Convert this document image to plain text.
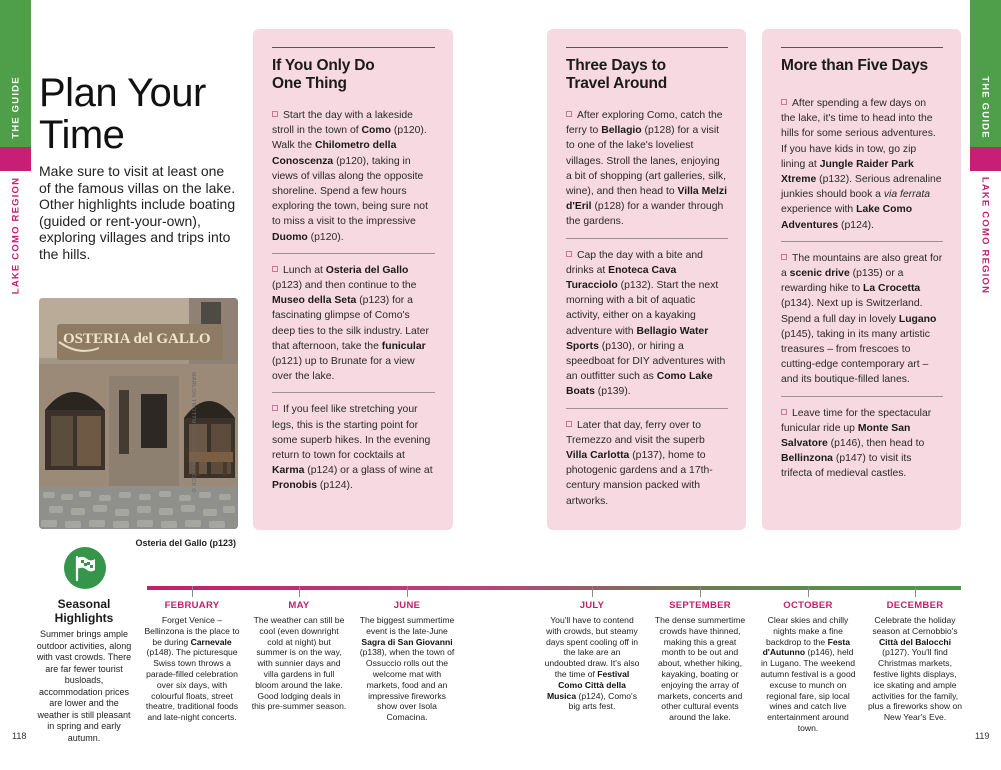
THE GUIDE
LAKE COMO REGION
THE GUIDE
LAKE COMO REGION
Plan Your
Time
Make sure to visit at least one of the famous villas on the lake. Other highlights include boating (guided or rent-your-own), exploring villages and trips into the hills.
OSTERIA del GALLO
MARLON TROTTMANN/SHUTTERSTOCK ©
Osteria del Gallo (p123)
If You Only Do
One Thing

Start the day with a lakeside stroll in the town of Como (p120). Walk the Chilometro della Conoscenza (p120), taking in views of villas along the opposite shoreline. Spend a few hours exploring the town, being sure not to miss a visit to the impressive Duomo (p120).

Lunch at Osteria del Gallo (p123) and then continue to the Museo della Seta (p123) for a fascinating glimpse of Como's deep ties to the silk industry. Later that afternoon, take the funicular (p121) up to Brunate for a view over the lake.

If you feel like stretching your legs, this is the starting point for some superb hikes. In the evening return to town for cocktails at Karma (p124) or a glass of wine at Pronobis (p124).

Three Days to
Travel Around

After exploring Como, catch the ferry to Bellagio (p128) for a visit to one of the lake's loveliest villages. Stroll the lanes, enjoying a bit of shopping (art galleries, silk, wine), and then head to Villa Melzi d'Eril (p128) for a wander through the gardens.

Cap the day with a bite and drinks at Enoteca Cava Turacciolo (p132). Start the next morning with a bit of aquatic activity, either on a kayaking adventure with Bellagio Water Sports (p130), or hiring a speedboat for DIY adventures with an outfitter such as Como Lake Boats (p139).

Later that day, ferry over to Tremezzo and visit the superb Villa Carlotta (p137), home to photogenic gardens and a 17th-century mansion packed with artworks.

More than Five Days

After spending a few days on the lake, it's time to head into the hills for some serious adventures. If you have kids in tow, go zip lining at Jungle Raider Park Xtreme (p132). Serious adrenaline junkies should book a via ferrata experience with Lake Como Adventures (p124).

The mountains are also great for a scenic drive (p135) or a rewarding hike to La Crocetta (p134). Next up is Switzerland. Spend a full day in lovely Lugano (p145), taking in its many artistic treasures – from frescoes to cutting-edge contemporary art – and its boutique-filled lanes.

Leave time for the spectacular funicular ride up Monte San Salvatore (p146), then head to Bellinzona (p147) to visit its trifecta of medieval castles.

Seasonal
Highlights
Summer brings ample outdoor activities, along with vast crowds. There are far fewer tourist busloads, accommodation prices are lower and the weather is still pleasant in spring and early autumn.
FEBRUARY
Forget Venice – Bellinzona is the place to be during Carnevale (p148). The picturesque Swiss town throws a parade-filled celebration over six days, with colourful floats, street theatre, traditional foods and late-night concerts.
MAY
The weather can still be cool (even downright cold at night) but summer is on the way, with sunnier days and villa gardens in full bloom around the lake. Good lodging deals in this pre-summer season.
JUNE
The biggest summertime event is the late-June Sagra di San Giovanni (p138), when the town of Ossuccio rolls out the welcome mat with markets, food and an impressive fireworks show over Isola Comacina.
JULY
You'll have to contend with crowds, but steamy days spent cooling off in the lake are an undoubted draw. It's also the time of Festival Como Città della Musica (p124), Como's big arts fest.
SEPTEMBER
The dense summertime crowds have thinned, making this a great month to be out and about, whether hiking, kayaking, boating or enjoying the array of markets, concerts and other cultural events around the lake.
OCTOBER
Clear skies and chilly nights make a fine backdrop to the Festa d'Autunno (p146), held in Lugano. The weekend autumn festival is a good excuse to munch on regional fare, sip local wines and catch live entertainment around town.
DECEMBER
Celebrate the holiday season at Cernobbio's Città del Balocchi (p127). You'll find Christmas markets, festive lights displays, ice skating and ample activities for the family, plus a fireworks show on New Year's Eve.
118	119
